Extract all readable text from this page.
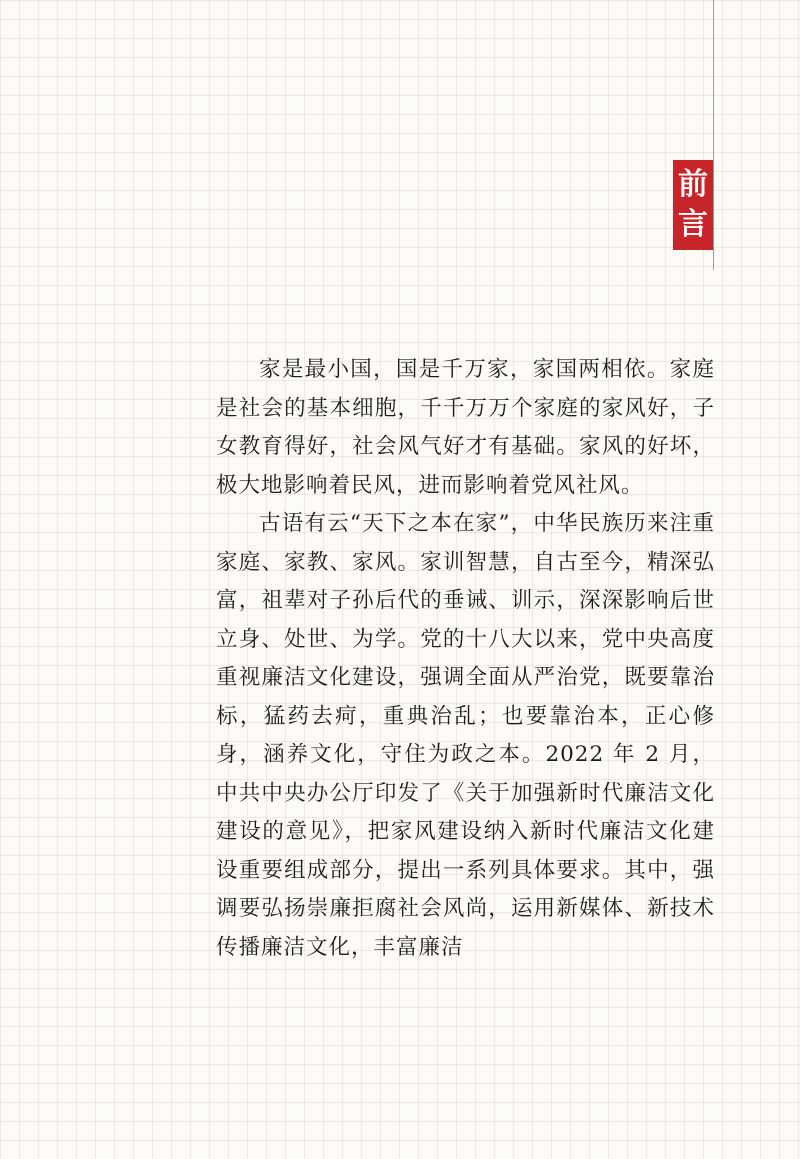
前
言

家是最小国，国是千万家，家国两相依。家庭是社会的基本细胞，千千万万个家庭的家风好，子女教育得好，社会风气好才有基础。家风的好坏，极大地影响着民风，进而影响着党风社风。

古语有云“天下之本在家”，中华民族历来注重家庭、家教、家风。家训智慧，自古至今，精深弘富，祖辈对子孙后代的垂诫、训示，深深影响后世立身、处世、为学。党的十八大以来，党中央高度重视廉洁文化建设，强调全面从严治党，既要靠治标，猛药去疴，重典治乱；也要靠治本，正心修身，涵养文化，守住为政之本。2022 年 2 月，中共中央办公厅印发了《关于加强新时代廉洁文化建设的意见》，把家风建设纳入新时代廉洁文化建设重要组成部分，提出一系列具体要求。其中，强调要弘扬崇廉拒腐社会风尚，运用新媒体、新技术传播廉洁文化，丰富廉洁
